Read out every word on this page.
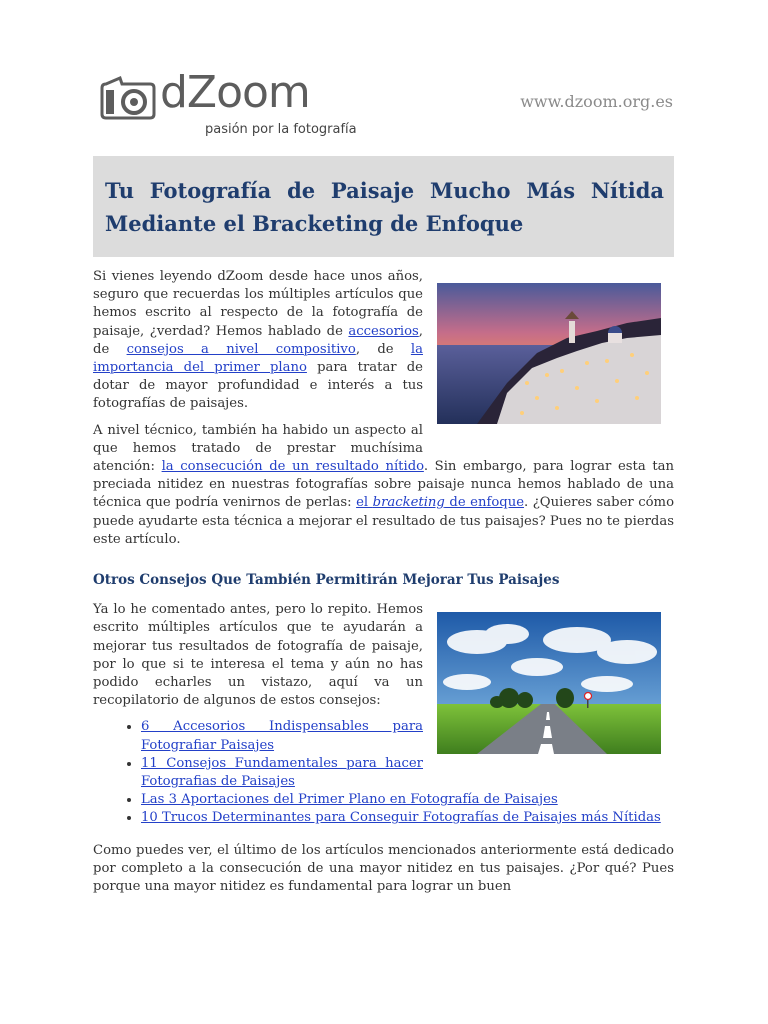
dZoom
pasión por la fotografía
www.dzoom.org.es
Tu Fotografía de Paisaje Mucho Más Nítida Mediante el Bracketing de Enfoque

Si vienes leyendo dZoom desde hace unos años, seguro que recuerdas los múltiples artículos que hemos escrito al respecto de la fotografía de paisaje, ¿verdad? Hemos hablado de accesorios, de consejos a nivel compositivo, de la importancia del primer plano para tratar de dotar de mayor profundidad e interés a tus fotografías de paisajes.

A nivel técnico, también ha habido un aspecto al que hemos tratado de prestar muchísima atención: la consecución de un resultado nítido. Sin embargo, para lograr esta tan preciada nitidez en nuestras fotografías sobre paisaje nunca hemos hablado de una técnica que podría venirnos de perlas: el bracketing de enfoque. ¿Quieres saber cómo puede ayudarte esta técnica a mejorar el resultado de tus paisajes? Pues no te pierdas este artículo.

Otros Consejos Que También Permitirán Mejorar Tus Paisajes

Ya lo he comentado antes, pero lo repito. Hemos escrito múltiples artículos que te ayudarán a mejorar tus resultados de fotografía de paisaje, por lo que si te interesa el tema y aún no has podido echarles un vistazo, aquí va un recopilatorio de algunos de estos consejos:

• 6 Accesorios Indispensables para Fotografiar Paisajes
• 11 Consejos Fundamentales para hacer Fotografias de Paisajes
• Las 3 Aportaciones del Primer Plano en Fotografía de Paisajes
• 10 Trucos Determinantes para Conseguir Fotografías de Paisajes más Nítidas

Como puedes ver, el último de los artículos mencionados anteriormente está dedicado por completo a la consecución de una mayor nitidez en tus paisajes. ¿Por qué? Pues porque una mayor nitidez es fundamental para lograr un buen
